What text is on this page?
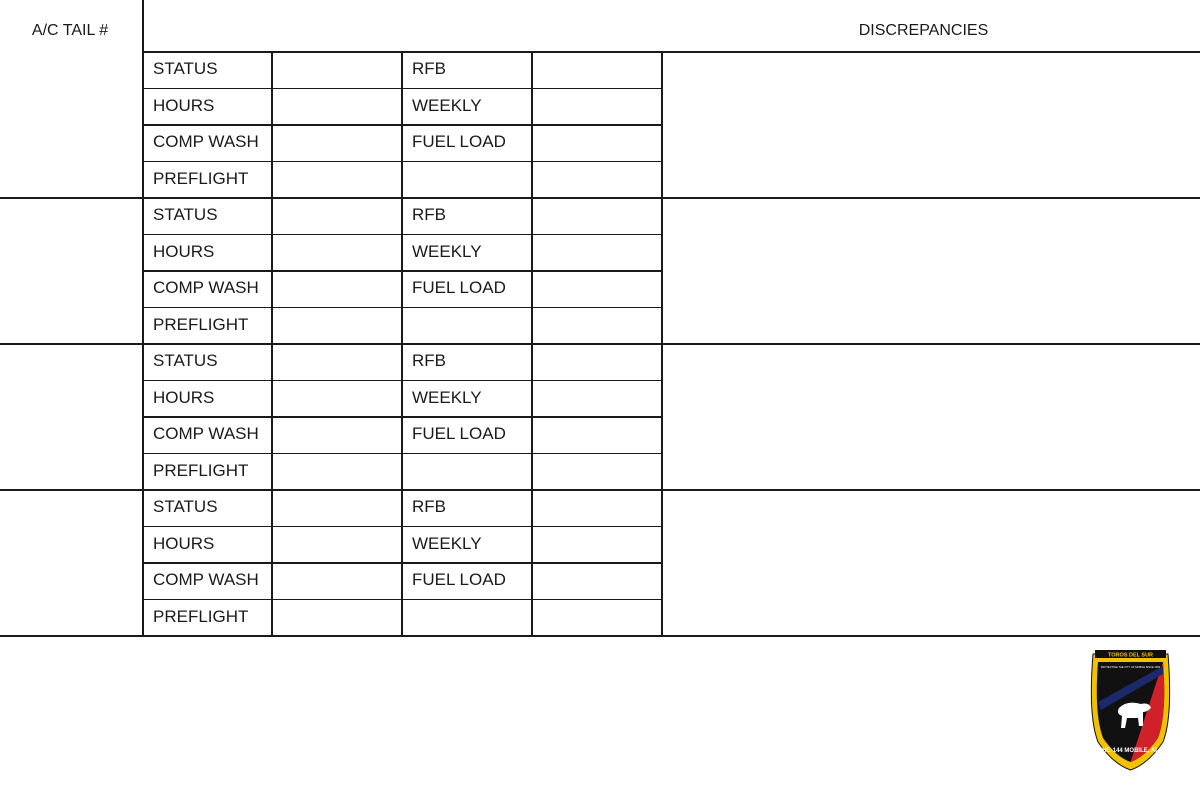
A/C TAIL #	DISCREPANCIES
STATUS	RFB
HOURS	WEEKLY
COMP WASH	FUEL LOAD
PREFLIGHT
STATUS	RFB
HOURS	WEEKLY
COMP WASH	FUEL LOAD
PREFLIGHT
STATUS	RFB
HOURS	WEEKLY
COMP WASH	FUEL LOAD
PREFLIGHT
STATUS	RFB
HOURS	WEEKLY
COMP WASH	FUEL LOAD
PREFLIGHT
TOROS DEL SUR
PROTECTING THE CITY OF MOBILE SINCE 2003
HC-144 MOBILE, AL
